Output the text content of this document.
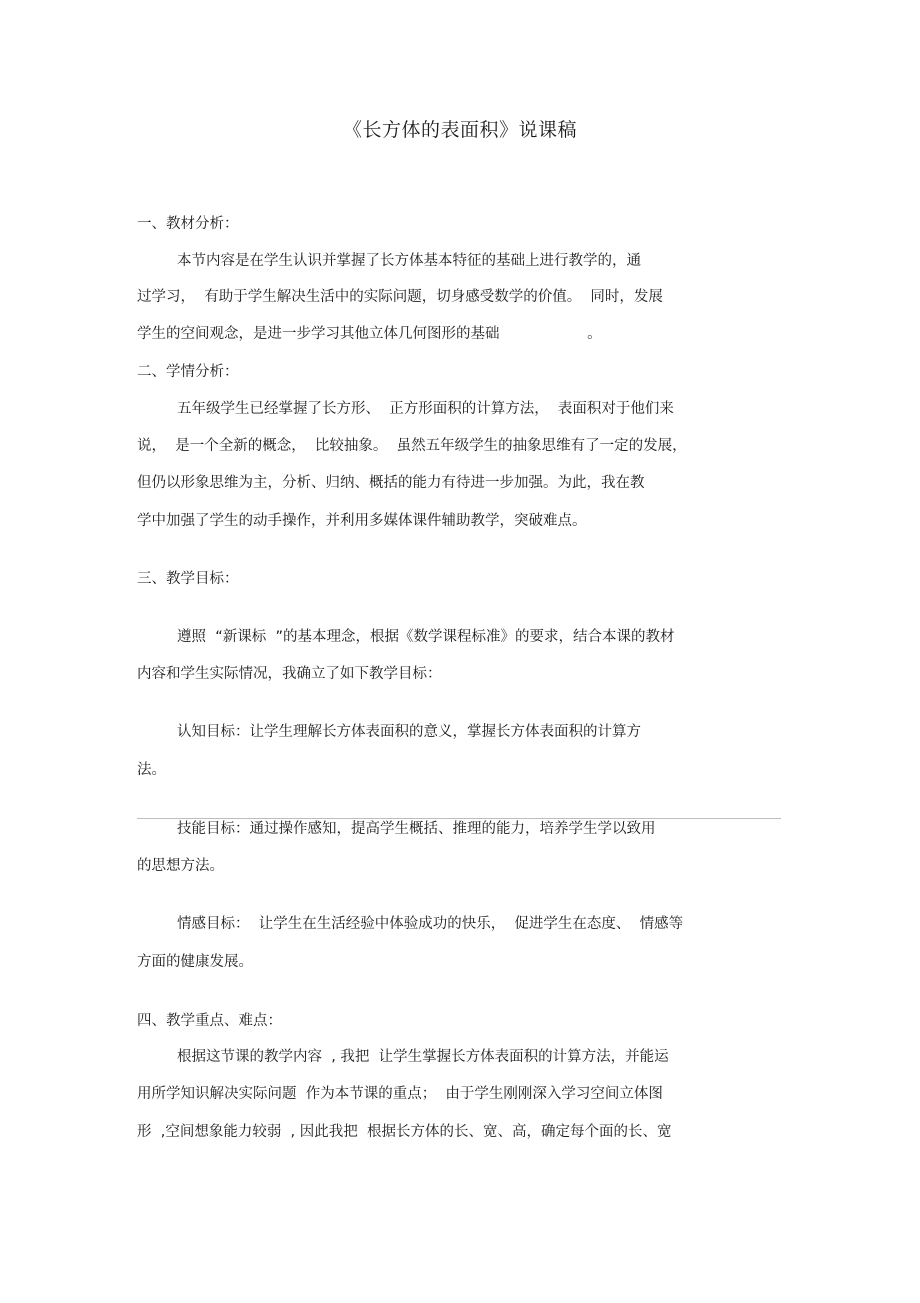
《长方体的表面积》说课稿
一、教材分析：
本节内容是在学生认识并掌握了长方体基本特征的基础上进行教学的，通
过学习，  有助于学生解决生活中的实际问题，切身感受数学的价值。  同时，发展
学生的空间观念，是进一步学习其他立体几何图形的基础                   。
二、学情分析：
五年级学生已经掌握了长方形、  正方形面积的计算方法，  表面积对于他们来
说，  是一个全新的概念，  比较抽象。  虽然五年级学生的抽象思维有了一定的发展，
但仍以形象思维为主，分析、归纳、概括的能力有待进一步加强。为此，我在教
学中加强了学生的动手操作，并利用多媒体课件辅助教学，突破难点。
三、教学目标：
遵照  “新课标  ”的基本理念，根据《数学课程标准》的要求，结合本课的教材
内容和学生实际情况，我确立了如下教学目标：
认知目标：让学生理解长方体表面积的意义，掌握长方体表面积的计算方
法。
技能目标：通过操作感知，提高学生概括、推理的能力，培养学生学以致用
的思想方法。
情感目标：  让学生在生活经验中体验成功的快乐，  促进学生在态度、  情感等
方面的健康发展。
四、教学重点、难点：
根据这节课的教学内容  , 我把  让学生掌握长方体表面积的计算方法，并能运
用所学知识解决实际问题  作为本节课的重点；  由于学生刚刚深入学习空间立体图
形  ,空间想象能力较弱  , 因此我把  根据长方体的长、宽、高，确定每个面的长、宽
